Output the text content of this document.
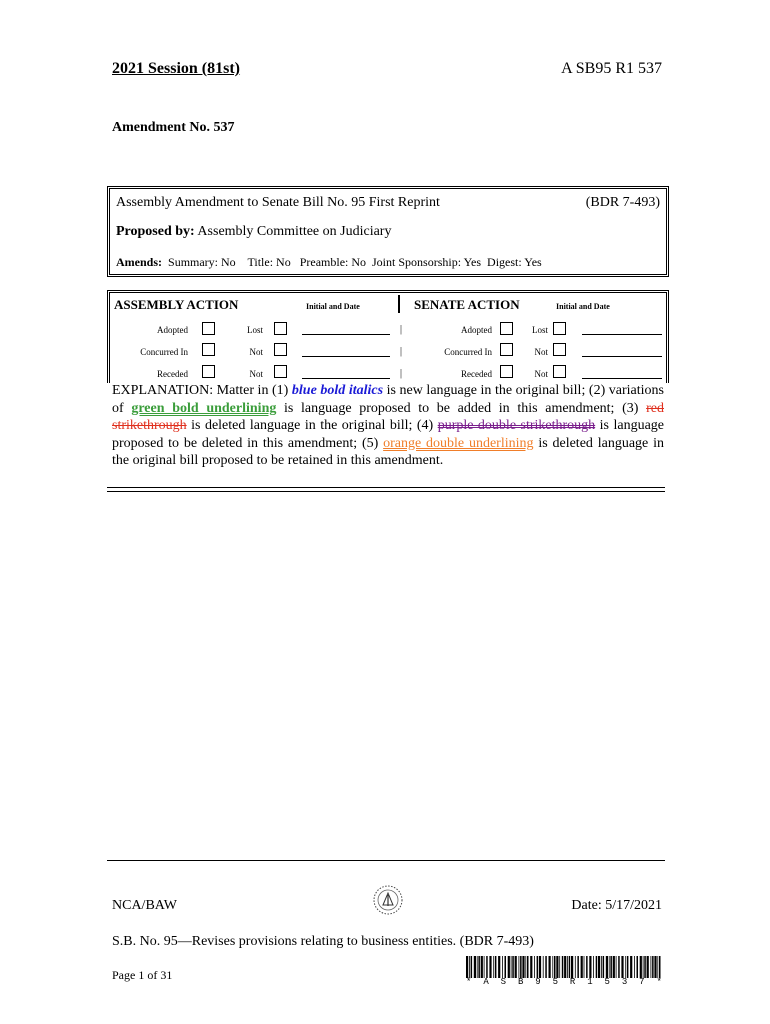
2021 Session (81st)	A SB95 R1 537
Amendment No. 537
Assembly Amendment to Senate Bill No. 95 First Reprint	(BDR 7-493)
Proposed by: Assembly Committee on Judiciary
Amends:  Summary: No    Title: No   Preamble: No  Joint Sponsorship: Yes  Digest: Yes
ASSEMBLY ACTION	Initial and Date	SENATE ACTION	Initial and Date
Adopted	Lost	|	Adopted	Lost
Concurred In	Not	|	Concurred In	Not
Receded	Not	|	Receded	Not
EXPLANATION: Matter in (1) blue bold italics is new language in the original bill; (2) variations of green bold underlining is language proposed to be added in this amendment; (3) red strikethrough is deleted language in the original bill; (4) purple double strikethrough is language proposed to be deleted in this amendment; (5) orange double underlining is deleted language in the original bill proposed to be retained in this amendment.
NCA/BAW	Date: 5/17/2021
S.B. No. 95—Revises provisions relating to business entities. (BDR 7-493)
Page 1 of 31	* A S B 9 5 R 1 5 3 7 *
